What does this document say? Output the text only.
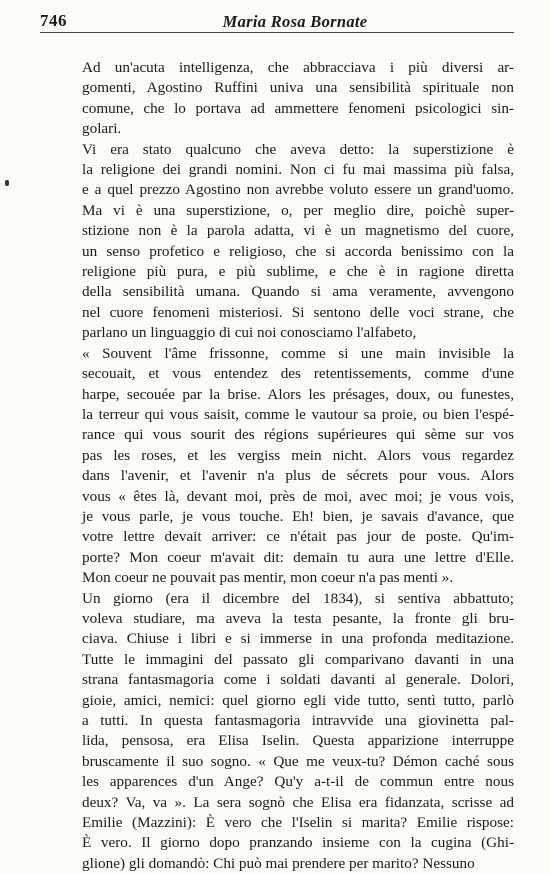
746	Maria Rosa Bornate
Ad un'acuta intelligenza, che abbracciava i più diversi ar-
gomenti, Agostino Ruffini univa una sensibilità spirituale non
comune, che lo portava ad ammettere fenomeni psicologici sin-
golari.
Vi era stato qualcuno che aveva detto: la superstizione è
la religione dei grandi nomini. Non ci fu mai massima più falsa,
e a quel prezzo Agostino non avrebbe voluto essere un grand'uomo.
Ma vi è una superstizione, o, per meglio dire, poichè super-
stizione non è la parola adatta, vi è un magnetismo del cuore,
un senso profetico e religioso, che si accorda benissimo con la
religione più pura, e più sublime, e che è in ragione diretta
della sensibilità umana. Quando si ama veramente, avvengono
nel cuore fenomeni misteriosi. Si sentono delle voci strane, che
parlano un linguaggio di cui noi conosciamo l'alfabeto,
« Souvent l'âme frissonne, comme si une main invisible la
secouait, et vous entendez des retentissements, comme d'une
harpe, secouée par la brise. Alors les présages, doux, ou funestes,
la terreur qui vous saisit, comme le vautour sa proie, ou bien l'espé-
rance qui vous sourit des régions supérieures qui sème sur vos
pas les roses, et les vergiss mein nicht. Alors vous regardez
dans l'avenir, et l'avenir n'a plus de sécrets pour vous. Alors
vous « êtes là, devant moi, près de moi, avec moi; je vous vois,
je vous parle, je vous touche. Eh! bien, je savais d'avance, que
votre lettre devait arriver: ce n'était pas jour de poste. Qu'im-
porte? Mon coeur m'avait dit: demain tu aura une lettre d'Elle.
Mon coeur ne pouvait pas mentir, mon coeur n'a pas menti ».
Un giorno (era il dicembre del 1834), si sentiva abbattuto;
voleva studiare, ma aveva la testa pesante, la fronte gli bru-
ciava. Chiuse i libri e si immerse in una profonda meditazione.
Tutte le immagini del passato gli comparivano davanti in una
strana fantasmagoria come i soldati davanti al generale. Dolori,
gioie, amici, nemici: quel giorno egli vide tutto, sentì tutto, parlò
a tutti. In questa fantasmagoria intravvide una giovinetta pal-
lida, pensosa, era Elisa Iselin. Questa apparizione interruppe
bruscamente il suo sogno. « Que me veux-tu? Démon caché sous
les apparences d'un Ange? Qu'y a-t-il de commun entre nous
deux? Va, va ». La sera sognò che Elisa era fidanzata, scrisse ad
Emilie (Mazzini): È vero che l'Iselin si marita? Emilie rispose:
È vero. Il giorno dopo pranzando insieme con la cugina (Ghi-
glione) gli domandò: Chi può mai prendere per marito? Nessuno
